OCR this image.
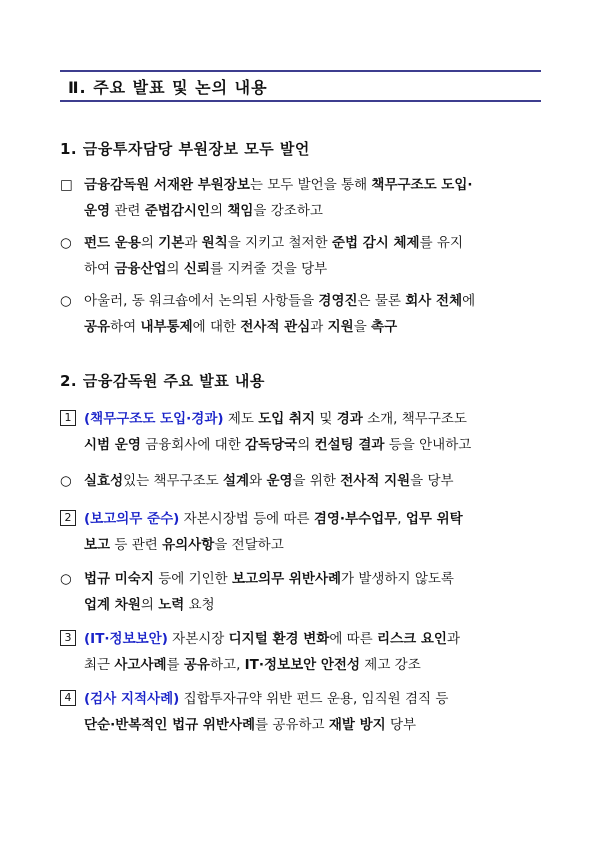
Ⅱ. 주요 발표 및 논의 내용
1. 금융투자담당 부원장보 모두 발언
□ 금융감독원 서재완 부원장보는 모두 발언을 통해 책무구조도 도입·
운영 관련 준법감시인의 책임을 강조하고
○ 펀드 운용의 기본과 원칙을 지키고 철저한 준법 감시 체제를 유지
하여 금융산업의 신뢰를 지켜줄 것을 당부
○ 아울러, 동 워크숍에서 논의된 사항들을 경영진은 물론 회사 전체에
공유하여 내부통제에 대한 전사적 관심과 지원을 촉구
2. 금융감독원 주요 발표 내용
1 (책무구조도 도입·경과) 제도 도입 취지 및 경과 소개, 책무구조도
시범 운영 금융회사에 대한 감독당국의 컨설팅 결과 등을 안내하고
○ 실효성있는 책무구조도 설계와 운영을 위한 전사적 지원을 당부
2 (보고의무 준수) 자본시장법 등에 따른 겸영·부수업무, 업무 위탁
보고 등 관련 유의사항을 전달하고
○ 법규 미숙지 등에 기인한 보고의무 위반사례가 발생하지 않도록
업계 차원의 노력 요청
3 (IT·정보보안) 자본시장 디지털 환경 변화에 따른 리스크 요인과
최근 사고사례를 공유하고, IT·정보보안 안전성 제고 강조
4 (검사 지적사례) 집합투자규약 위반 펀드 운용, 임직원 겸직 등
단순·반복적인 법규 위반사례를 공유하고 재발 방지 당부
